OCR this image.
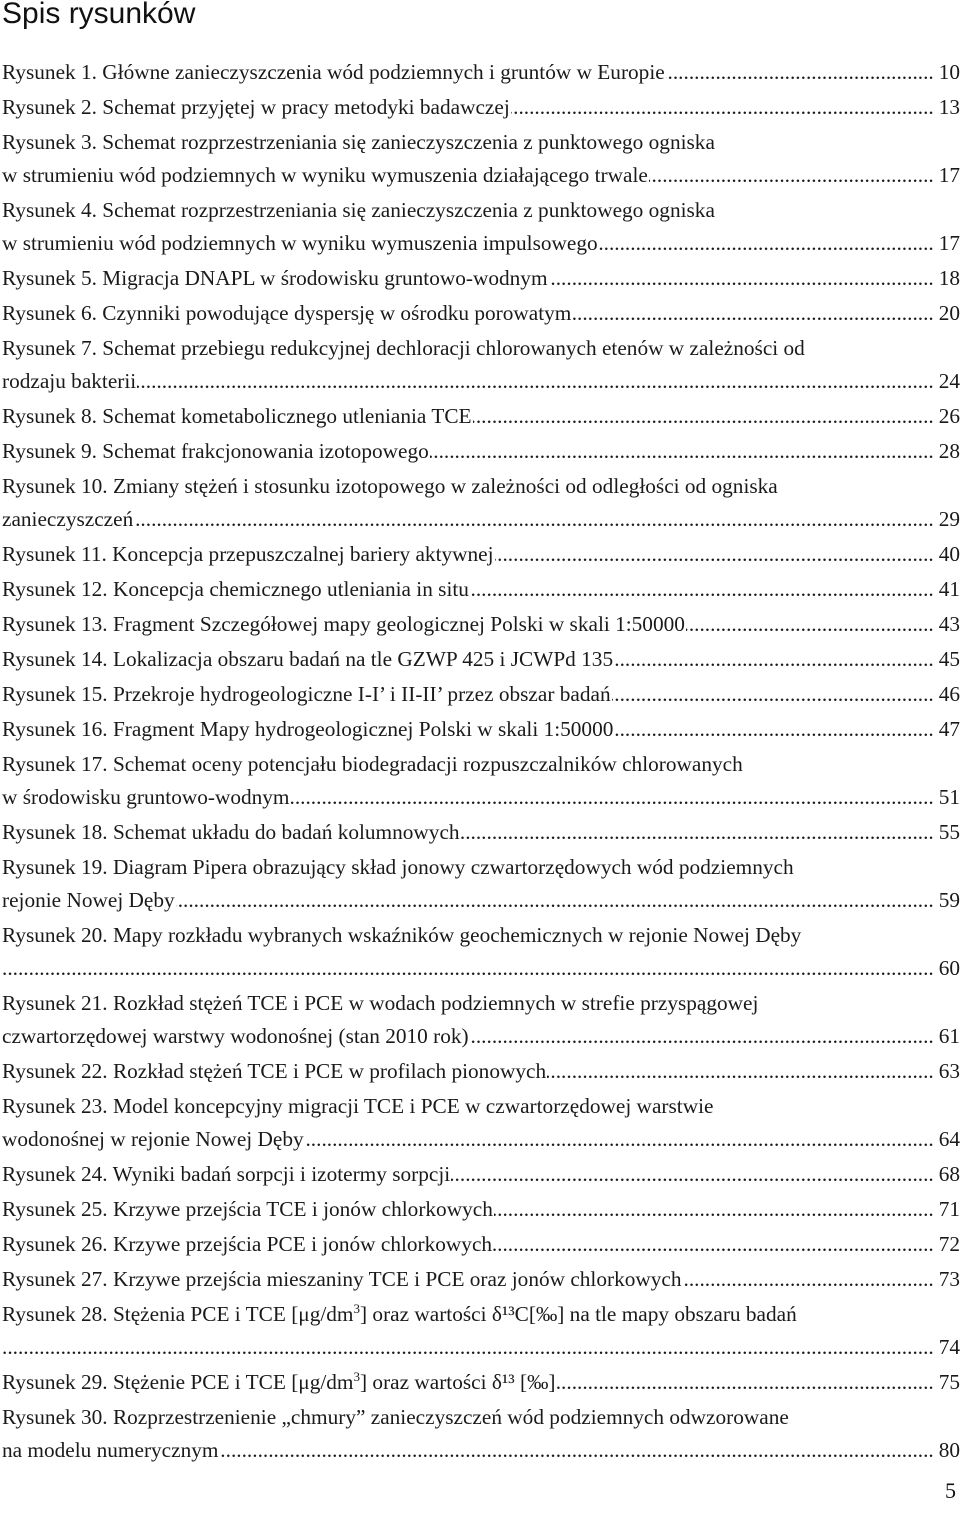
Spis rysunków
Rysunek 1. Główne zanieczyszczenia wód podziemnych i gruntów w Europie	10
.....
Rysunek 2. Schemat przyjętej w pracy metodyki badawczej	13
.....
Rysunek 3. Schemat rozprzestrzeniania się zanieczyszczenia z punktowego ogniska
w strumieniu wód podziemnych w wyniku wymuszenia działającego trwale	17
.....
Rysunek 4. Schemat rozprzestrzeniania się zanieczyszczenia z punktowego ogniska
w strumieniu wód podziemnych w wyniku wymuszenia impulsowego	17
.....
Rysunek 5. Migracja DNAPL w środowisku gruntowo-wodnym	18
.....
Rysunek 6. Czynniki powodujące dyspersję w ośrodku porowatym	20
.....
Rysunek 7. Schemat przebiegu redukcyjnej dechloracji chlorowanych etenów w zależności od
rodzaju bakterii	24
.....
Rysunek 8. Schemat kometabolicznego utleniania TCE	26
.....
Rysunek 9. Schemat frakcjonowania izotopowego	28
.....
Rysunek 10. Zmiany stężeń i stosunku izotopowego w zależności od odległości od ogniska
zanieczyszczeń	29
.....
Rysunek 11. Koncepcja przepuszczalnej bariery aktywnej	40
.....
Rysunek 12. Koncepcja chemicznego utleniania in situ	41
.....
Rysunek 13. Fragment Szczegółowej mapy geologicznej Polski w skali 1:50000	43
.....
Rysunek 14. Lokalizacja obszaru badań na tle GZWP 425 i JCWPd 135	45
.....
Rysunek 15. Przekroje hydrogeologiczne I-I’ i II-II’ przez obszar badań	46
.....
Rysunek 16. Fragment Mapy hydrogeologicznej Polski w skali 1:50000	47
.....
Rysunek 17. Schemat oceny potencjału biodegradacji rozpuszczalników chlorowanych
w środowisku gruntowo-wodnym	51
.....
Rysunek 18. Schemat układu do badań kolumnowych	55
.....
Rysunek 19. Diagram Pipera obrazujący skład jonowy czwartorzędowych wód podziemnych
rejonie Nowej Dęby	59
.....
Rysunek 20. Mapy rozkładu wybranych wskaźników geochemicznych w rejonie Nowej Dęby
60
.....
Rysunek 21. Rozkład stężeń TCE i PCE w wodach podziemnych w strefie przyspągowej
czwartorzędowej warstwy wodonośnej (stan 2010 rok)	61
.....
Rysunek 22. Rozkład stężeń TCE i PCE w profilach pionowych	63
.....
Rysunek 23. Model koncepcyjny migracji TCE i PCE w czwartorzędowej warstwie
wodonośnej w rejonie Nowej Dęby	64
.....
Rysunek 24. Wyniki badań sorpcji i izotermy sorpcji	68
.....
Rysunek 25. Krzywe przejścia TCE i jonów chlorkowych	71
.....
Rysunek 26. Krzywe przejścia PCE i jonów chlorkowych	72
.....
Rysunek 27. Krzywe przejścia mieszaniny TCE i PCE oraz jonów chlorkowych	73
.....
Rysunek 28. Stężenia PCE i TCE $[\mu g/dm^3]$ oraz wartości δ¹³C[‰] na tle mapy obszaru badań
74
.....
Rysunek 29. Stężenie PCE i TCE $[\mu g/dm^3]$ oraz wartości δ¹³ [‰]	75
.....
Rysunek 30. Rozprzestrzenienie „chmury” zanieczyszczeń wód podziemnych odwzorowane
na modelu numerycznym	80
.....
5
